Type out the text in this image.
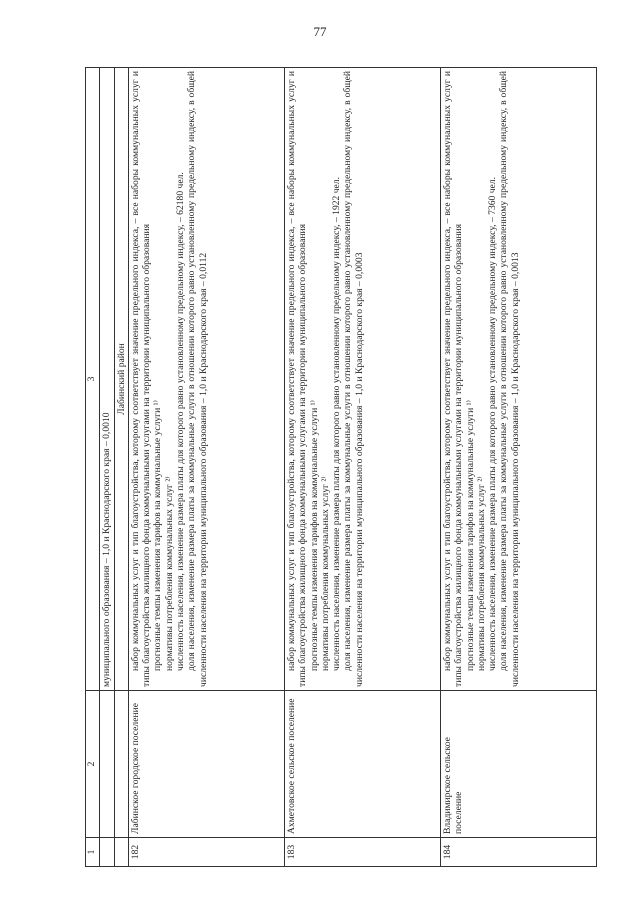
77
1	2	3
		муниципального образования – 1,0 и Краснодарского края – 0,0010
		Лабинский район
182	Лабинское городское поселение	набор коммунальных услуг и тип благоустройства, которому соответствует значение предельного индекса, – все наборы коммунальных услуг и типы благоустройства жилищного фонда коммунальными услугами на территории муниципального образования прогнозные темпы изменения тарифов на коммунальные услуги ¹⁾ нормативы потребления коммунальных услуг ²⁾ численность населения, изменение размера платы для которого равно установленному предельному индексу, – 62180 чел. доля населения, изменение размера платы за коммунальные услуги в отношении которого равно установленному предельному индексу, в общей численности населения на территории муниципального образования – 1,0 и Краснодарского края – 0,0112

183	Ахметовское сельское поселение	набор коммунальных услуг и тип благоустройства, которому соответствует значение предельного индекса, – все наборы коммунальных услуг и типы благоустройства жилищного фонда коммунальными услугами на территории муниципального образования прогнозные темпы изменения тарифов на коммунальные услуги ¹⁾ нормативы потребления коммунальных услуг ²⁾ численность населения, изменение размера платы для которого равно установленному предельному индексу, – 1922 чел. доля населения, изменение размера платы за коммунальные услуги в отношении которого равно установленному предельному индексу, в общей численности населения на территории муниципального образования – 1,0 и Краснодарского края – 0,0003

184	Владимирское сельское поселение	набор коммунальных услуг и тип благоустройства, которому соответствует значение предельного индекса, – все наборы коммунальных услуг и типы благоустройства жилищного фонда коммунальными услугами на территории муниципального образования прогнозные темпы изменения тарифов на коммунальные услуги ¹⁾ нормативы потребления коммунальных услуг ²⁾ численность населения, изменение размера платы для которого равно установленному предельному индексу, – 7360 чел. доля населения, изменение размера платы за коммунальные услуги в отношении которого равно установленному предельному индексу, в общей численности населения на территории муниципального образования – 1,0 и Краснодарского края – 0,0013
